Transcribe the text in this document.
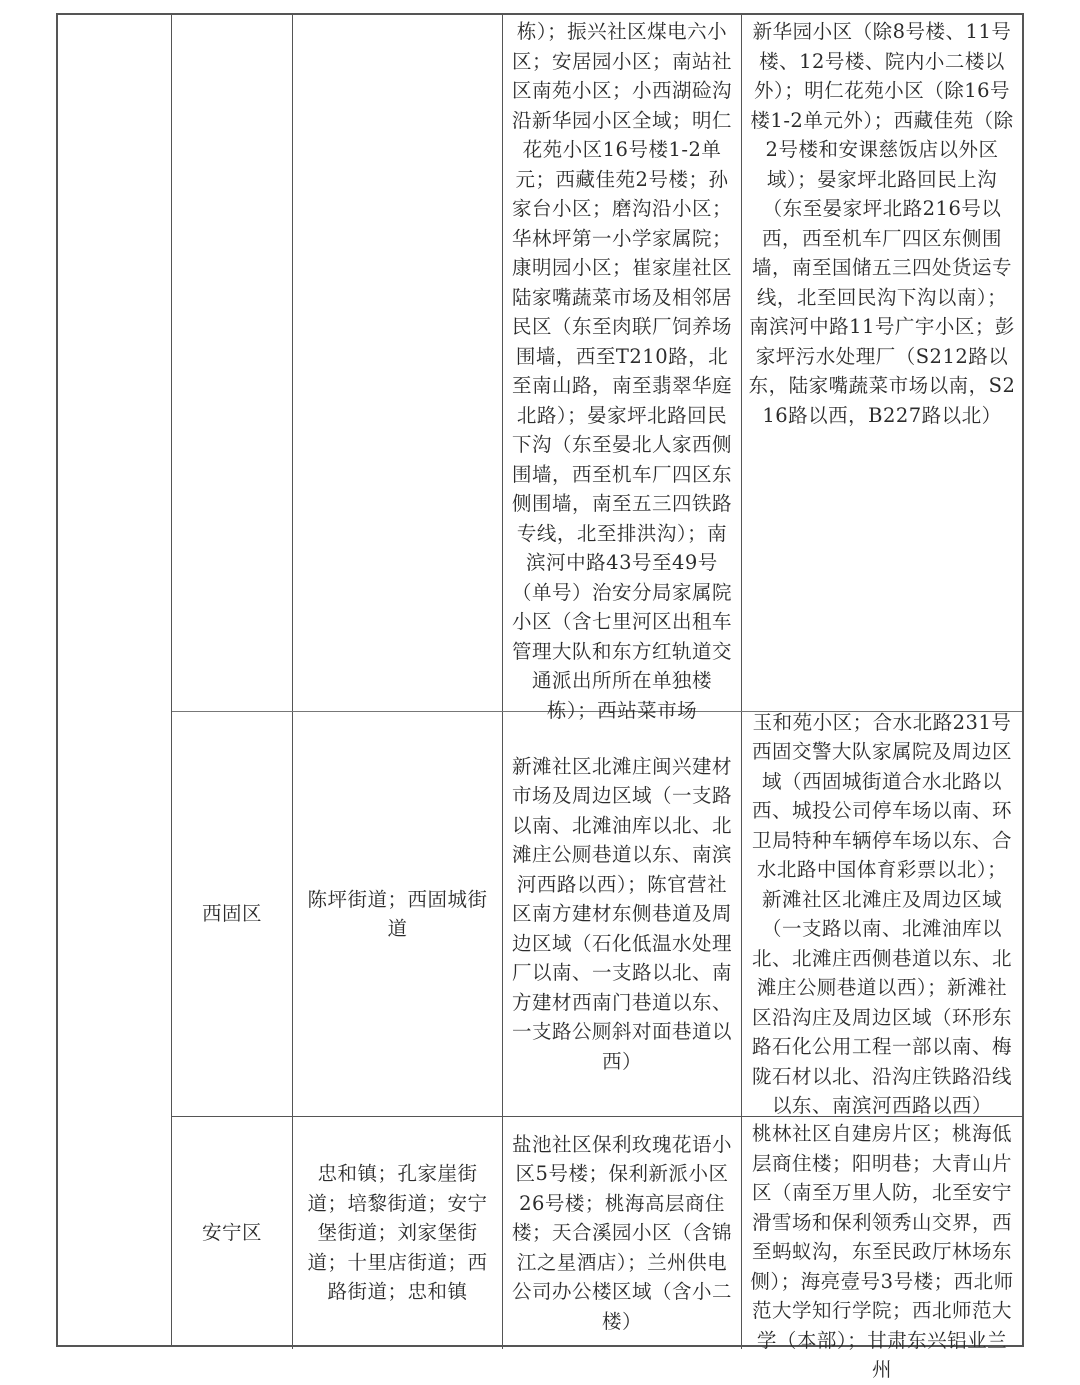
栋）；振兴社区煤电六小区；安居园小区；南站社区南苑小区；小西湖硷沟沿新华园小区全域；明仁花苑小区16号楼1-2单元；西藏佳苑2号楼；孙家台小区；磨沟沿小区；华林坪第一小学家属院；康明园小区；崔家崖社区陆家嘴蔬菜市场及相邻居民区（东至肉联厂饲养场围墙，西至T210路，北至南山路，南至翡翠华庭北路）；晏家坪北路回民下沟（东至晏北人家西侧围墙，西至机车厂四区东侧围墙，南至五三四铁路专线，北至排洪沟）；南滨河中路43号至49号（单号）治安分局家属院小区（含七里河区出租车管理大队和东方红轨道交通派出所所在单独楼栋）；西站菜市场
新华园小区（除8号楼、11号楼、12号楼、院内小二楼以外）；明仁花苑小区（除16号楼1-2单元外）；西藏佳苑（除2号楼和安课慈饭店以外区域）；晏家坪北路回民上沟（东至晏家坪北路216号以西，西至机车厂四区东侧围墙，南至国储五三四处货运专线，北至回民沟下沟以南）；南滨河中路11号广宇小区；彭家坪污水处理厂（S212路以东，陆家嘴蔬菜市场以南，S216路以西，B227路以北）
西固区
陈坪街道；西固城街道
新滩社区北滩庄闽兴建材市场及周边区域（一支路以南、北滩油库以北、北滩庄公厕巷道以东、南滨河西路以西）；陈官营社区南方建材东侧巷道及周边区域（石化低温水处理厂以南、一支路以北、南方建材西南门巷道以东、一支路公厕斜对面巷道以西）
玉和苑小区；合水北路231号西固交警大队家属院及周边区域（西固城街道合水北路以西、城投公司停车场以南、环卫局特种车辆停车场以东、合水北路中国体育彩票以北）；新滩社区北滩庄及周边区域（一支路以南、北滩油库以北、北滩庄西侧巷道以东、北滩庄公厕巷道以西）；新滩社区沿沟庄及周边区域（环形东路石化公用工程一部以南、梅陇石材以北、沿沟庄铁路沿线以东、南滨河西路以西）
安宁区
忠和镇；孔家崖街道；培黎街道；安宁堡街道；刘家堡街道；十里店街道；西路街道；忠和镇
盐池社区保利玫瑰花语小区5号楼；保利新派小区26号楼；桃海高层商住楼；天合溪园小区（含锦江之星酒店）；兰州供电公司办公楼区域（含小二楼）
桃林社区自建房片区；桃海低层商住楼；阳明巷；大青山片区（南至万里人防，北至安宁滑雪场和保利领秀山交界，西至蚂蚁沟，东至民政厅林场东侧）；海亮壹号3号楼；西北师范大学知行学院；西北师范大学（本部）；甘肃东兴铝业兰州
